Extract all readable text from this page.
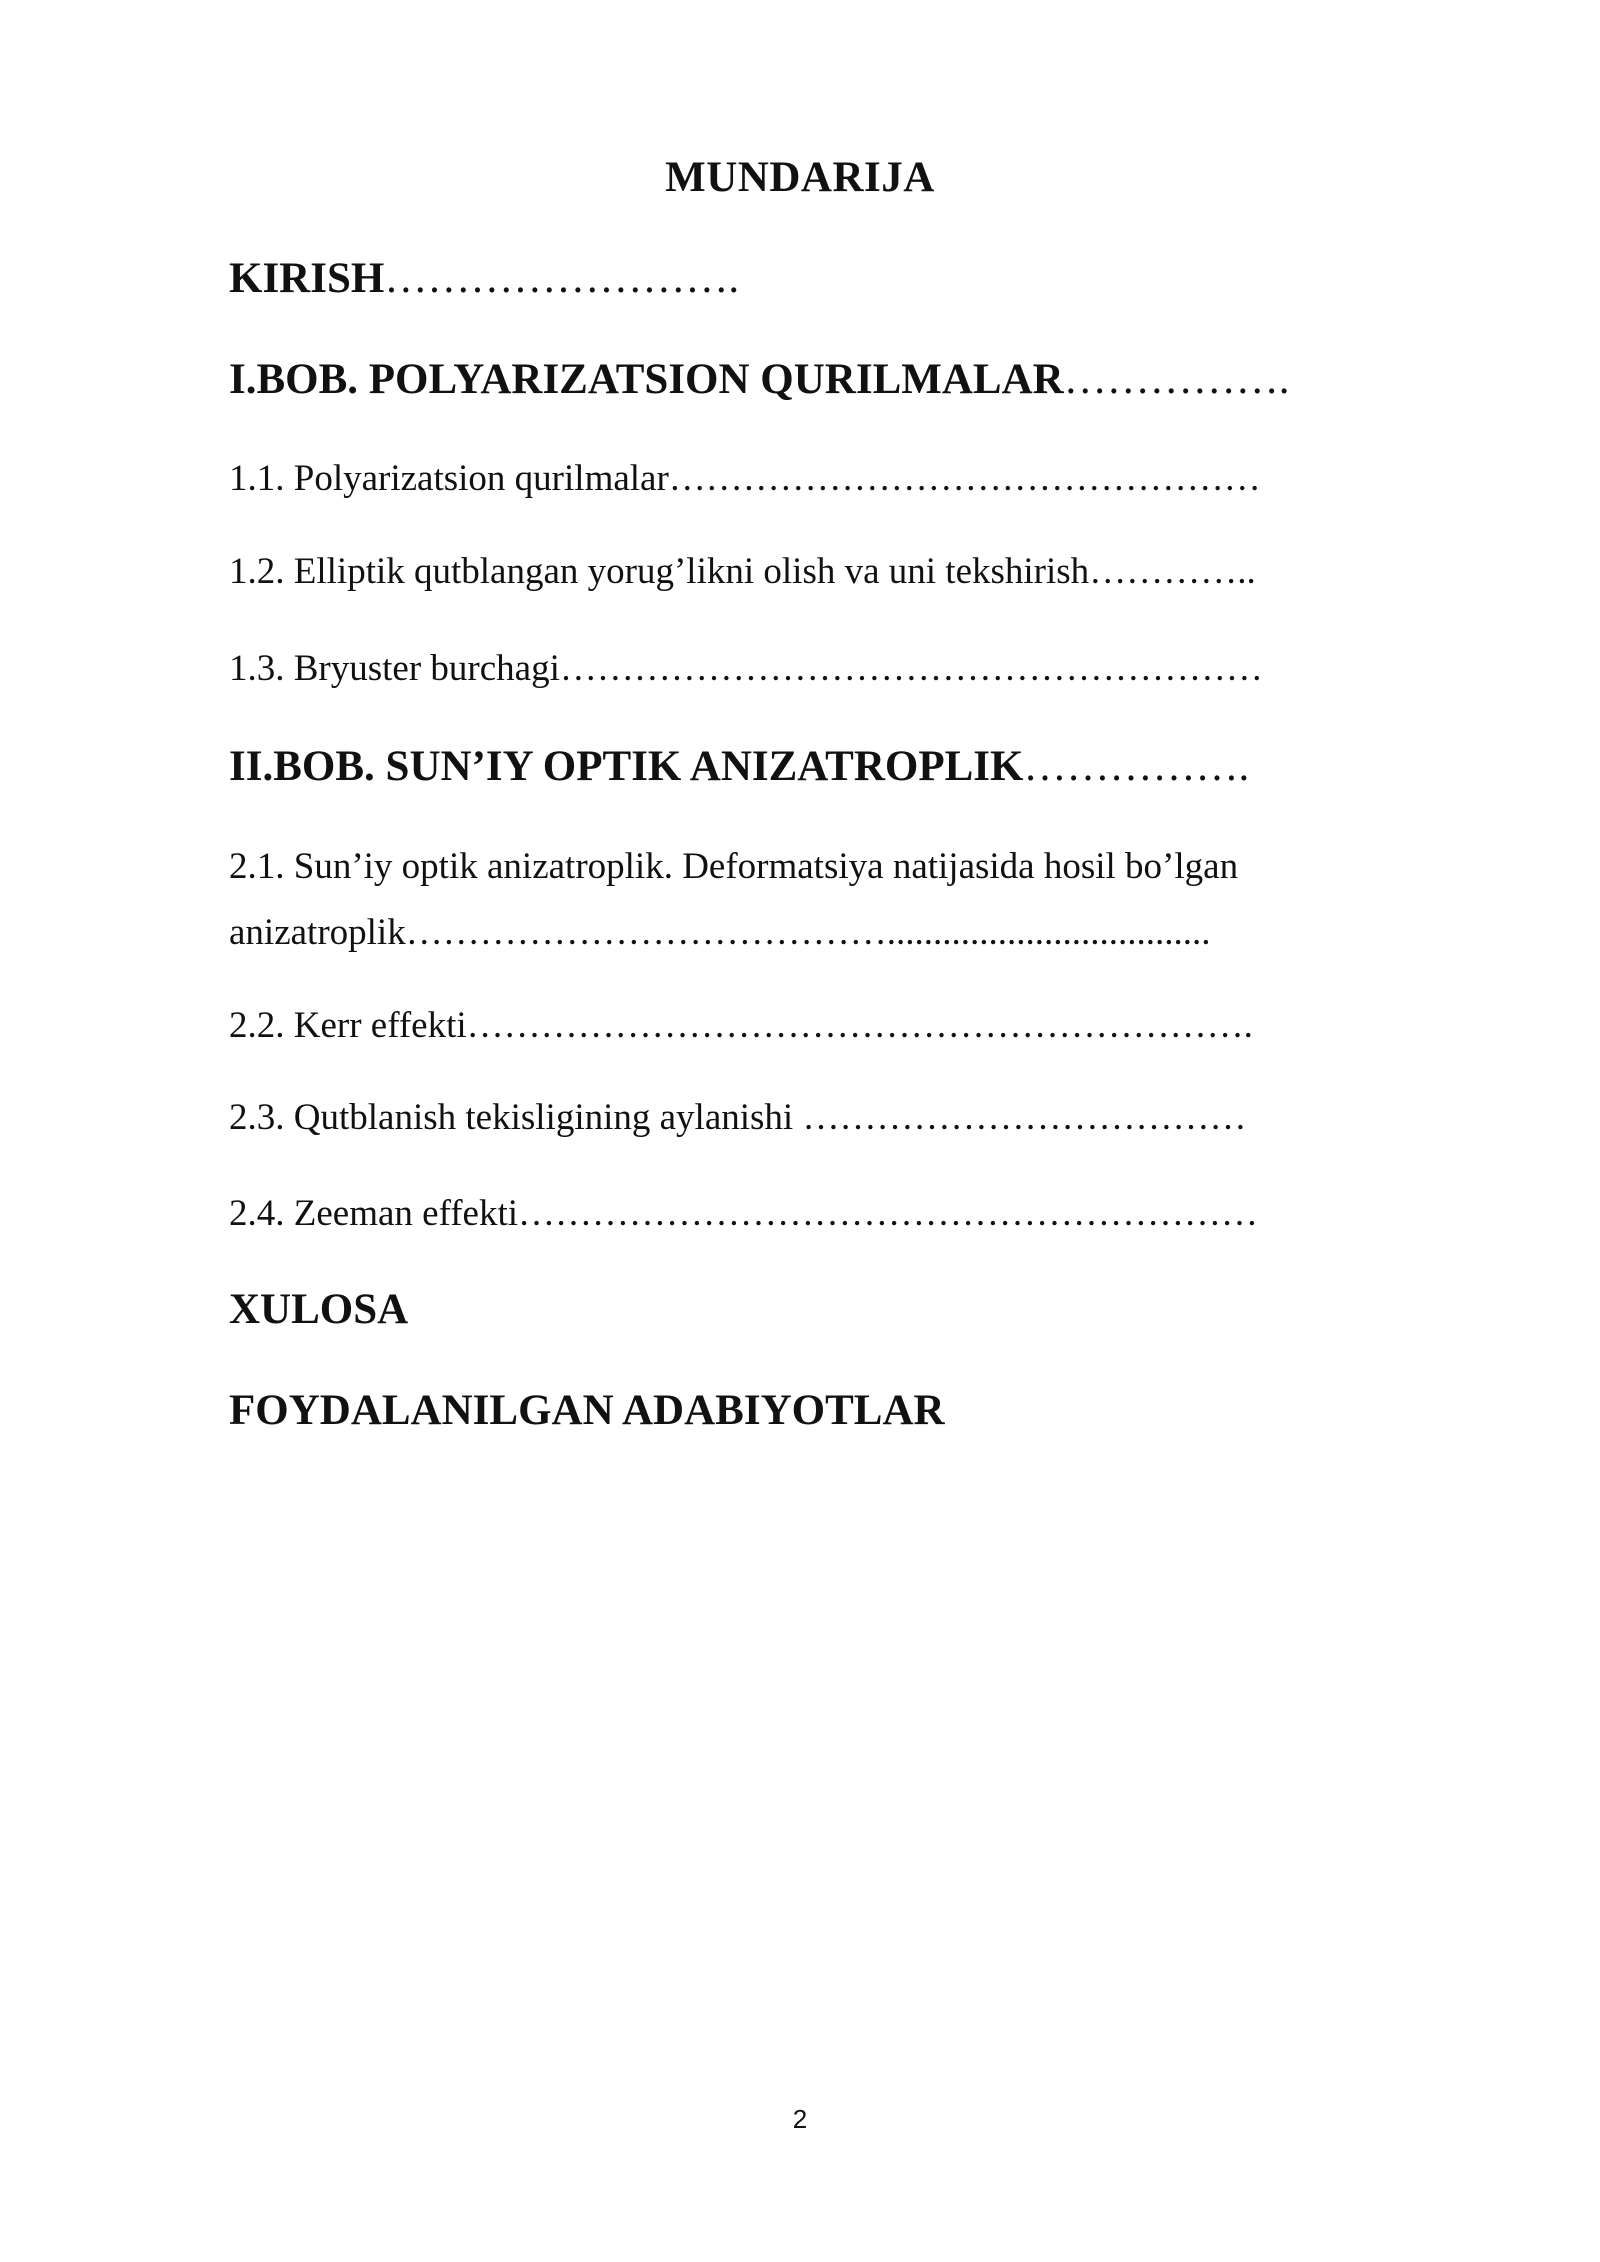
MUNDARIJA
KIRISH…………………….
I.BOB. POLYARIZATSION QURILMALAR…………….
1.1. Polyarizatsion qurilmalar…………………………………………
1.2. Elliptik qutblangan yorug’likni olish va uni tekshirish…………..
1.3. Bryuster burchagi…………………………………………………
II.BOB. SUN’IY OPTIK ANIZATROPLIK…………….
2.1. Sun’iy optik anizatroplik. Deformatsiya natijasida hosil bo’lgan
anizatroplik…………………………………...................................
2.2. Kerr effekti……………………………………………………….
2.3. Qutblanish tekisligining aylanishi ………………………………
2.4. Zeeman effekti……………………………………………………
XULOSA
FOYDALANILGAN ADABIYOTLAR
2
